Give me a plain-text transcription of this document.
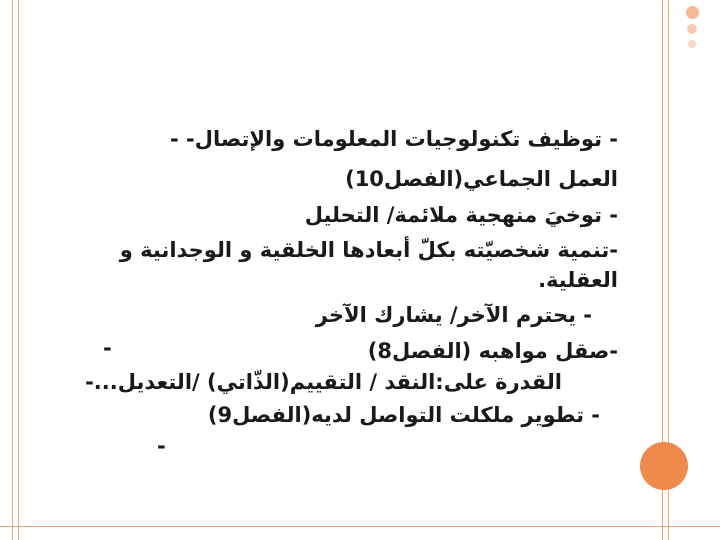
- توظيف تكنولوجيات المعلومات والإتصال- -
العمل الجماعي(الفصل10)
- توخيَ منهجية ملائمة/ التحليل
-تنمية شخصيّته بكلّ أبعادها الخلقية و الوجدانية و
العقلية.
- يحترم الآخر/ يشارك الآخر
-صقل مواهبه (الفصل8)
القدرة على:النقد / التقييم(الذّاتي) /التعديل...-
- تطوير ملكلت التواصل لديه(الفصل9)
-
-
